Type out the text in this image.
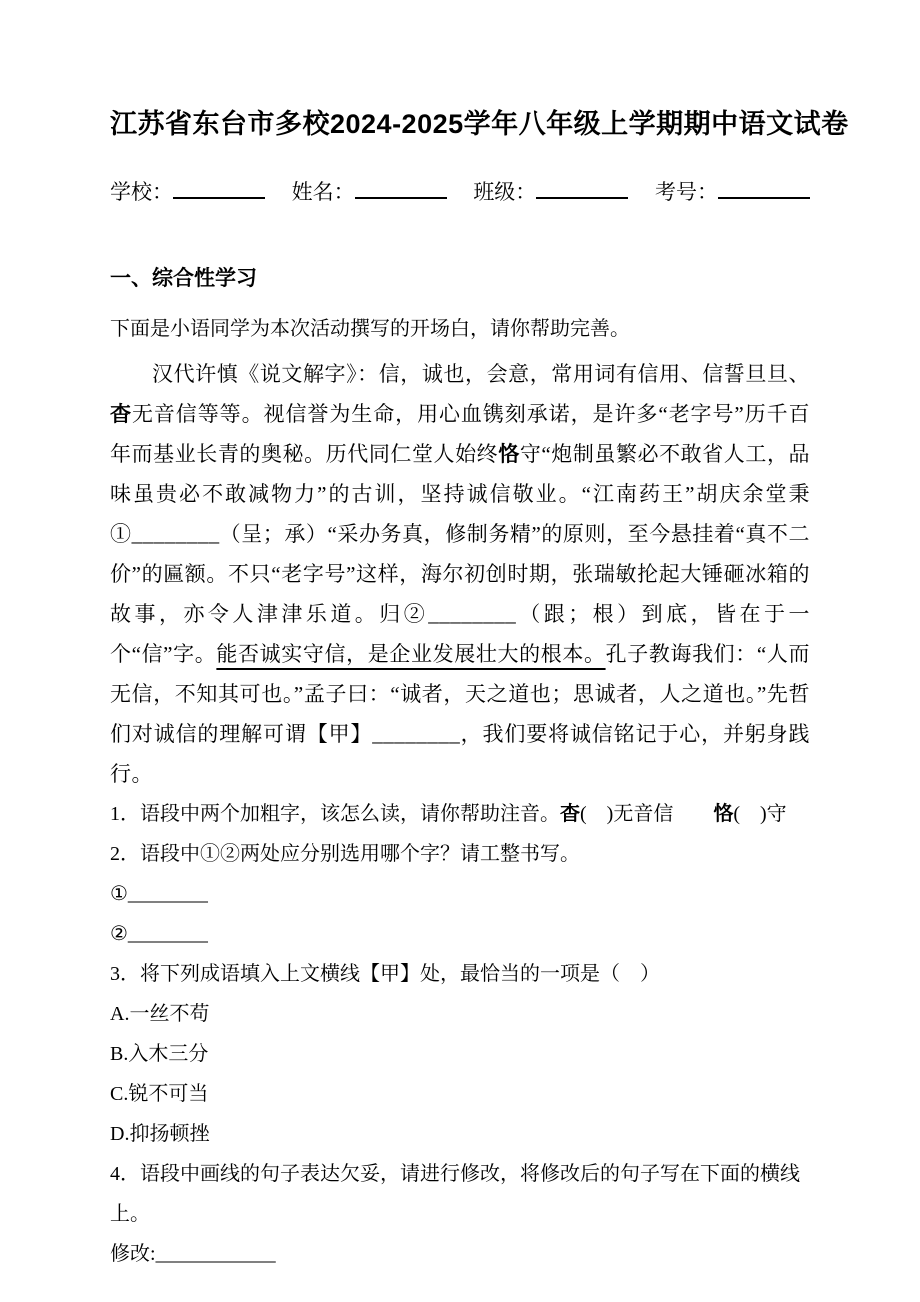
江苏省东台市多校2024-2025学年八年级上学期期中语文试卷
学校：	姓名：	班级：	考号：
一、综合性学习

下面是小语同学为本次活动撰写的开场白，请你帮助完善。

汉代许慎《说文解字》：信，诚也，会意，常用词有信用、信誓旦旦、杳无音信等等。视信誉为生命，用心血镌刻承诺，是许多“老字号”历千百年而基业长青的奥秘。历代同仁堂人始终恪守“炮制虽繁必不敢省人工，品味虽贵必不敢减物力”的古训，坚持诚信敬业。“江南药王”胡庆余堂秉①________（呈；承）“采办务真，修制务精”的原则，至今悬挂着“真不二价”的匾额。不只“老字号”这样，海尔初创时期，张瑞敏抡起大锤砸冰箱的故事，亦令人津津乐道。归②________（跟；根）到底，皆在于一个“信”字。能否诚实守信，是企业发展壮大的根本。孔子教诲我们：“人而无信，不知其可也。”孟子曰：“诚者，天之道也；思诚者，人之道也。”先哲们对诚信的理解可谓【甲】________，我们要将诚信铭记于心，并躬身践行。

1．语段中两个加粗字，该怎么读，请你帮助注音。杳(　)无音信　　恪(　)守

2．语段中①②两处应分别选用哪个字？请工整书写。

①________

②________

3．将下列成语填入上文横线【甲】处，最恰当的一项是（　）

A.一丝不苟

B.入木三分

C.锐不可当

D.抑扬顿挫

4．语段中画线的句子表达欠妥，请进行修改，将修改后的句子写在下面的横线上。

修改:____________
